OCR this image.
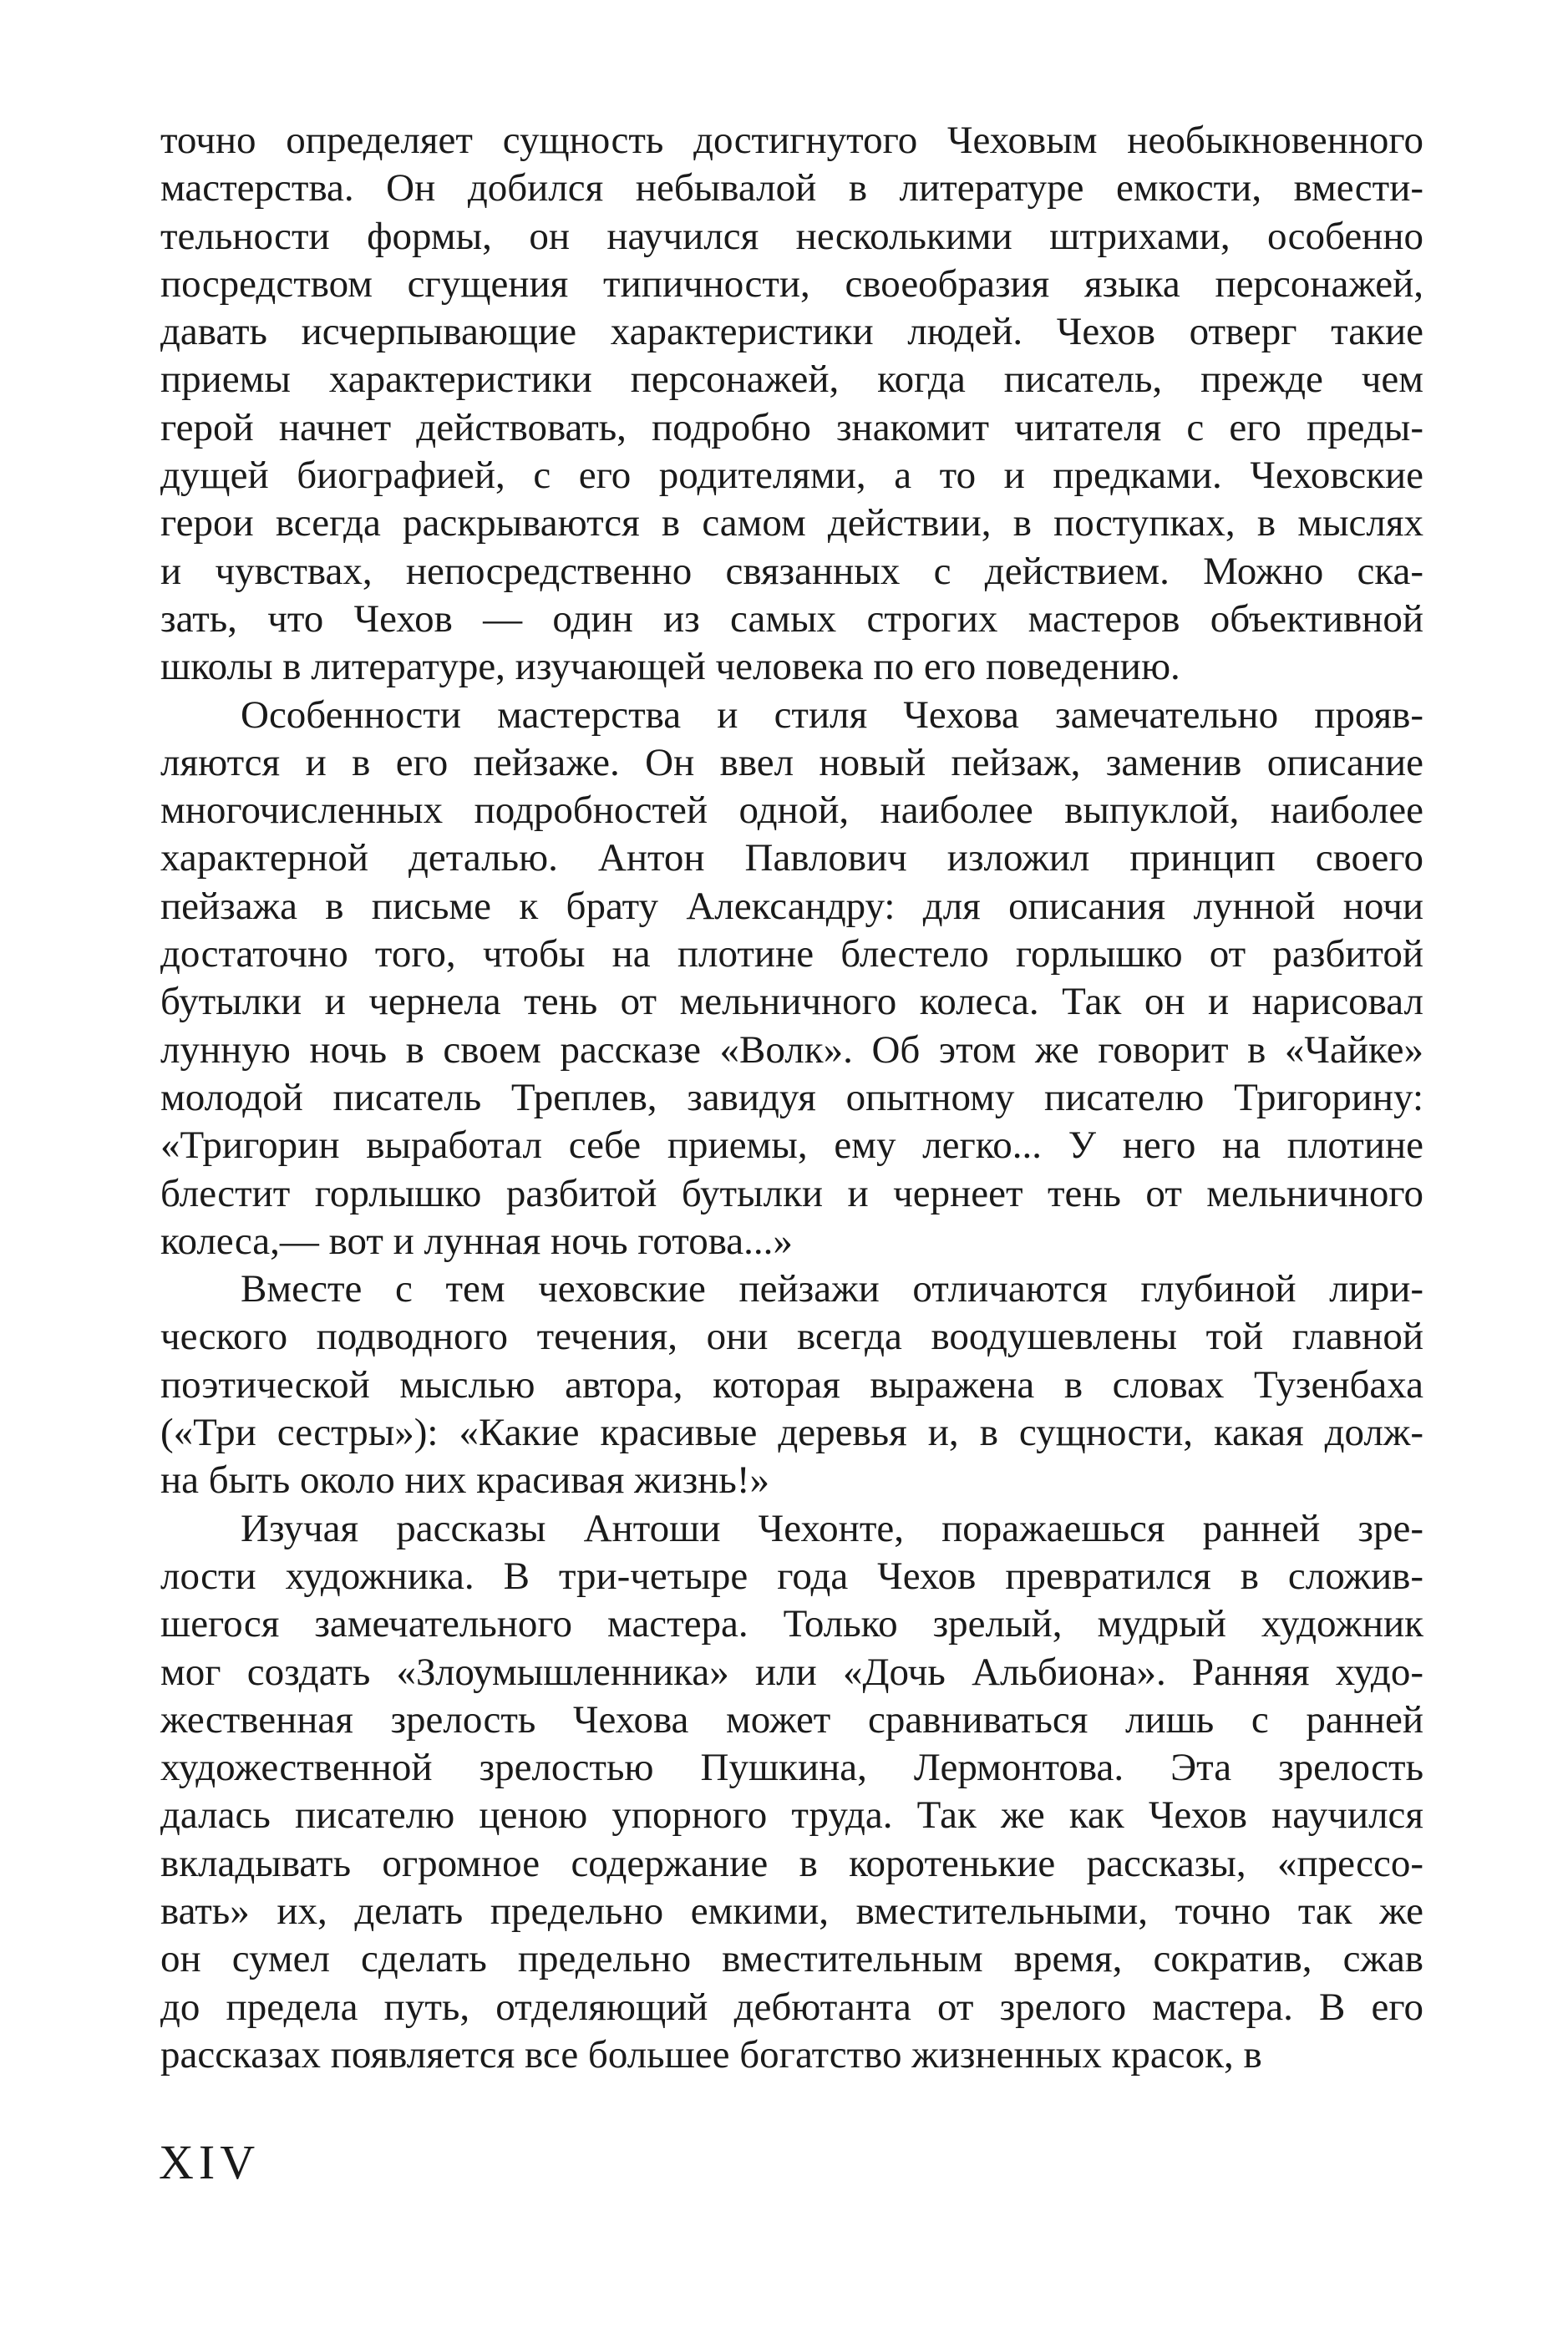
точно определяет сущность достигнутого Чеховым необыкновенного
мастерства. Он добился небывалой в литературе емкости, вмести-
тельности формы, он научился несколькими штрихами, особенно
посредством сгущения типичности, своеобразия языка персонажей,
давать исчерпывающие характеристики людей. Чехов отверг такие
приемы характеристики персонажей, когда писатель, прежде чем
герой начнет действовать, подробно знакомит читателя с его преды-
дущей биографией, с его родителями, а то и предками. Чеховские
герои всегда раскрываются в самом действии, в поступках, в мыслях
и чувствах, непосредственно связанных с действием. Можно ска-
зать, что Чехов — один из самых строгих мастеров объективной
школы в литературе, изучающей человека по его поведению.
Особенности мастерства и стиля Чехова замечательно прояв-
ляются и в его пейзаже. Он ввел новый пейзаж, заменив описание
многочисленных подробностей одной, наиболее выпуклой, наиболее
характерной деталью. Антон Павлович изложил принцип своего
пейзажа в письме к брату Александру: для описания лунной ночи
достаточно того, чтобы на плотине блестело горлышко от разбитой
бутылки и чернела тень от мельничного колеса. Так он и нарисовал
лунную ночь в своем рассказе «Волк». Об этом же говорит в «Чайке»
молодой писатель Треплев, завидуя опытному писателю Тригорину:
«Тригорин выработал себе приемы, ему легко... У него на плотине
блестит горлышко разбитой бутылки и чернеет тень от мельничного
колеса,— вот и лунная ночь готова...»
Вместе с тем чеховские пейзажи отличаются глубиной лири-
ческого подводного течения, они всегда воодушевлены той главной
поэтической мыслью автора, которая выражена в словах Тузенбаха
(«Три сестры»): «Какие красивые деревья и, в сущности, какая долж-
на быть около них красивая жизнь!»
Изучая рассказы Антоши Чехонте, поражаешься ранней зре-
лости художника. В три-четыре года Чехов превратился в сложив-
шегося замечательного мастера. Только зрелый, мудрый художник
мог создать «Злоумышленника» или «Дочь Альбиона». Ранняя худо-
жественная зрелость Чехова может сравниваться лишь с ранней
художественной зрелостью Пушкина, Лермонтова. Эта зрелость
далась писателю ценою упорного труда. Так же как Чехов научился
вкладывать огромное содержание в коротенькие рассказы, «прессо-
вать» их, делать предельно емкими, вместительными, точно так же
он сумел сделать предельно вместительным время, сократив, сжав
до предела путь, отделяющий дебютанта от зрелого мастера. В его
рассказах появляется все большее богатство жизненных красок, в
XIV
